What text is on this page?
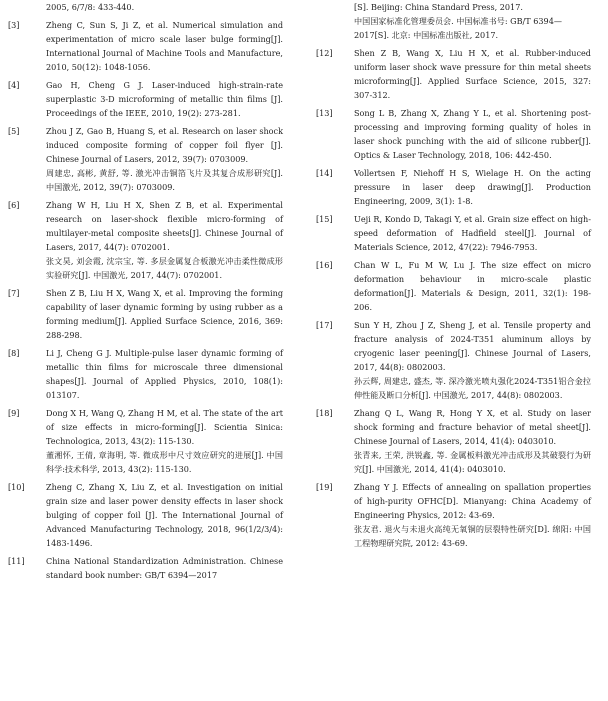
2005, 6/7/8: 433-440.
[3]	Zheng C, Sun S, Ji Z, et al. Numerical simulation and experimentation of micro scale laser bulge forming[J]. International Journal of Machine Tools and Manufacture, 2010, 50(12): 1048-1056.
[4]	Gao H, Cheng G J. Laser-induced high-strain-rate superplastic 3-D microforming of metallic thin films [J]. Proceedings of the IEEE, 2010, 19(2): 273-281.
[5]	Zhou J Z, Gao B, Huang S, et al. Research on laser shock induced composite forming of copper foil flyer [J]. Chinese Journal of Lasers, 2012, 39(7): 0703009.
周建忠, 高彬, 黄舒, 等. 激光冲击铜箔飞片及其复合成形研究[J]. 中国激光, 2012, 39(7): 0703009.
[6]	Zhang W H, Liu H X, Shen Z B, et al. Experimental research on laser-shock flexible micro-forming of multilayer-metal composite sheets[J]. Chinese Journal of Lasers, 2017, 44(7): 0702001.
张文昊, 刘会霞, 沈宗宝, 等. 多层金属复合板激光冲击柔性微成形实验研究[J]. 中国激光, 2017, 44(7): 0702001.
[7]	Shen Z B, Liu H X, Wang X, et al. Improving the forming capability of laser dynamic forming by using rubber as a forming medium[J]. Applied Surface Science, 2016, 369: 288-298.
[8]	Li J, Cheng G J. Multiple-pulse laser dynamic forming of metallic thin films for microscale three dimensional shapes[J]. Journal of Applied Physics, 2010, 108(1): 013107.
[9]	Dong X H, Wang Q, Zhang H M, et al. The state of the art of size effects in micro-forming[J]. Scientia Sinica: Technologica, 2013, 43(2): 115-130.
董湘怀, 王倩, 章海明, 等. 微成形中尺寸效应研究的进展[J]. 中国科学:技术科学, 2013, 43(2): 115-130.
[10]	Zheng C, Zhang X, Liu Z, et al. Investigation on initial grain size and laser power density effects in laser shock bulging of copper foil [J]. The International Journal of Advanced Manufacturing Technology, 2018, 96(1/2/3/4): 1483-1496.
[11]	China National Standardization Administration. Chinese standard book number: GB/T 6394—2017
[S]. Beijing: China Standard Press, 2017.
中国国家标准化管理委员会. 中国标准书号: GB/T 6394—2017[S]. 北京: 中国标准出版社, 2017.
[12]	Shen Z B, Wang X, Liu H X, et al. Rubber-induced uniform laser shock wave pressure for thin metal sheets microforming[J]. Applied Surface Science, 2015, 327: 307-312.
[13]	Song L B, Zhang X, Zhang Y L, et al. Shortening post-processing and improving forming quality of holes in laser shock punching with the aid of silicone rubber[J]. Optics & Laser Technology, 2018, 106: 442-450.
[14]	Vollertsen F, Niehoff H S, Wielage H. On the acting pressure in laser deep drawing[J]. Production Engineering, 2009, 3(1): 1-8.
[15]	Ueji R, Kondo D, Takagi Y, et al. Grain size effect on high-speed deformation of Hadfield steel[J]. Journal of Materials Science, 2012, 47(22): 7946-7953.
[16]	Chan W L, Fu M W, Lu J. The size effect on micro deformation behaviour in micro-scale plastic deformation[J]. Materials & Design, 2011, 32(1): 198-206.
[17]	Sun Y H, Zhou J Z, Sheng J, et al. Tensile property and fracture analysis of 2024-T351 aluminum alloys by cryogenic laser peening[J]. Chinese Journal of Lasers, 2017, 44(8): 0802003.
孙云辉, 周建忠, 盛杰, 等. 深冷激光喷丸强化2024-T351铝合金拉伸性能及断口分析[J]. 中国激光, 2017, 44(8): 0802003.
[18]	Zhang Q L, Wang R, Hong Y X, et al. Study on laser shock forming and fracture behavior of metal sheet[J]. Chinese Journal of Lasers, 2014, 41(4): 0403010.
张青来, 王荣, 洪锐鑫, 等. 金属板料激光冲击成形及其破裂行为研究[J]. 中国激光, 2014, 41(4): 0403010.
[19]	Zhang Y J. Effects of annealing on spallation properties of high-purity OFHC[D]. Mianyang: China Academy of Engineering Physics, 2012: 43-69.
张友君. 退火与未退火高纯无氧铜的层裂特性研究[D]. 绵阳: 中国工程物理研究院, 2012: 43-69.
